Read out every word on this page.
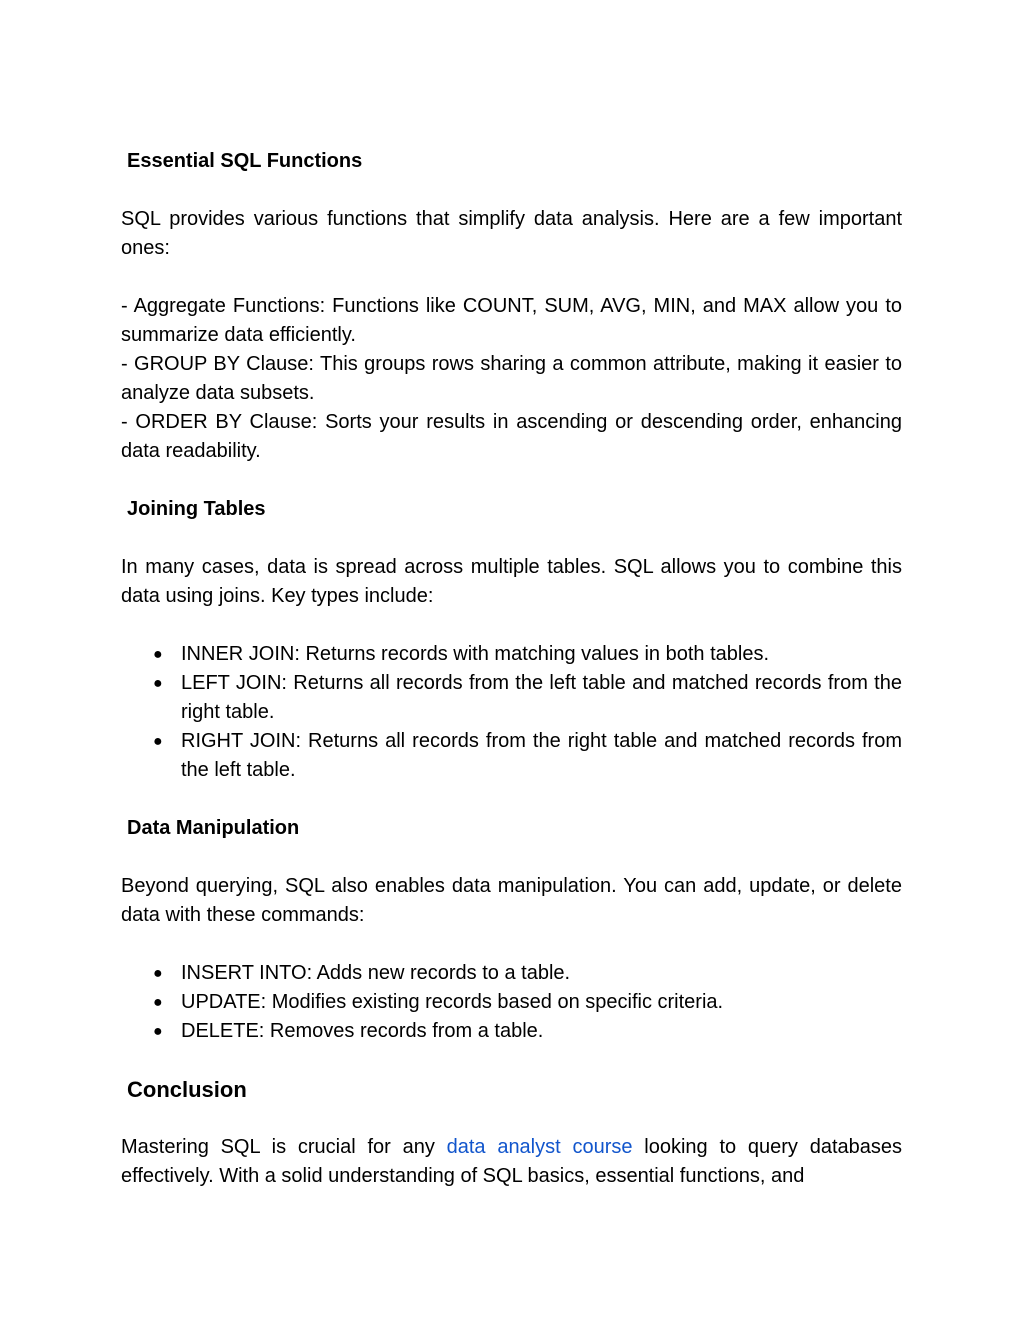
Essential SQL Functions

SQL provides various functions that simplify data analysis. Here are a few important ones:

- Aggregate Functions: Functions like COUNT, SUM, AVG, MIN, and MAX allow you to summarize data efficiently.

- GROUP BY Clause: This groups rows sharing a common attribute, making it easier to analyze data subsets.

- ORDER BY Clause: Sorts your results in ascending or descending order, enhancing data readability.

Joining Tables

In many cases, data is spread across multiple tables. SQL allows you to combine this data using joins. Key types include:

● INNER JOIN: Returns records with matching values in both tables.
● LEFT JOIN: Returns all records from the left table and matched records from the right table.
● RIGHT JOIN: Returns all records from the right table and matched records from the left table.
Data Manipulation

Beyond querying, SQL also enables data manipulation. You can add, update, or delete data with these commands:

● INSERT INTO: Adds new records to a table.
● UPDATE: Modifies existing records based on specific criteria.
● DELETE: Removes records from a table.
Conclusion

Mastering SQL is crucial for any data analyst course looking to query databases effectively. With a solid understanding of SQL basics, essential functions, and
